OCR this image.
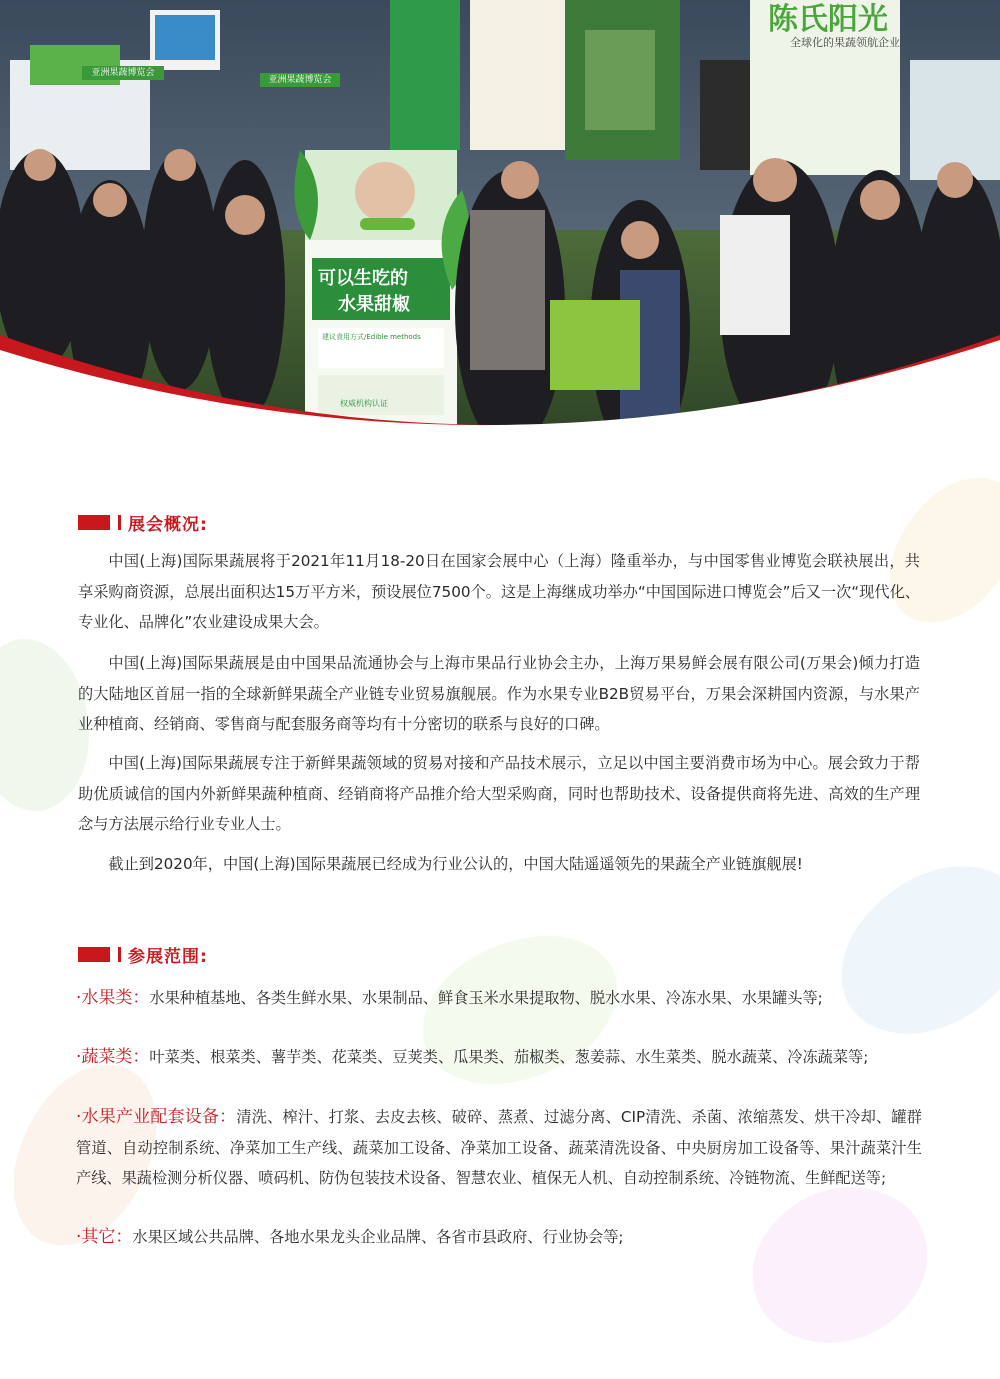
亚洲果蔬博览会
亚洲果蔬博览会
陈氏阳光
全球化的果蔬领航企业
可以生吃的
水果甜椒
建议食用方式/Edible methods
权威机构认证
展会概况:

中国(上海)国际果蔬展将于2021年11月18-20日在国家会展中心（上海）隆重举办，与中国零售业博览会联袂展出，共享采购商资源，总展出面积达15万平方米，预设展位7500个。这是上海继成功举办“中国国际进口博览会”后又一次“现代化、专业化、品牌化”农业建设成果大会。

中国(上海)国际果蔬展是由中国果品流通协会与上海市果品行业协会主办，上海万果易鲜会展有限公司(万果会)倾力打造的大陆地区首屈一指的全球新鲜果蔬全产业链专业贸易旗舰展。作为水果专业B2B贸易平台，万果会深耕国内资源，与水果产业种植商、经销商、零售商与配套服务商等均有十分密切的联系与良好的口碑。

中国(上海)国际果蔬展专注于新鲜果蔬领域的贸易对接和产品技术展示，立足以中国主要消费市场为中心。展会致力于帮助优质诚信的国内外新鲜果蔬种植商、经销商将产品推介给大型采购商，同时也帮助技术、设备提供商将先进、高效的生产理念与方法展示给行业专业人士。

截止到2020年，中国(上海)国际果蔬展已经成为行业公认的，中国大陆遥遥领先的果蔬全产业链旗舰展!

参展范围:
·水果类：水果种植基地、各类生鲜水果、水果制品、鲜食玉米水果提取物、脱水水果、冷冻水果、水果罐头等;
·蔬菜类：叶菜类、根菜类、薯芋类、花菜类、豆荚类、瓜果类、茄椒类、葱姜蒜、水生菜类、脱水蔬菜、冷冻蔬菜等;
·水果产业配套设备：清洗、榨汁、打浆、去皮去核、破碎、蒸煮、过滤分离、CIP清洗、杀菌、浓缩蒸发、烘干冷却、罐群管道、自动控制系统、净菜加工生产线、蔬菜加工设备、净菜加工设备、蔬菜清洗设备、中央厨房加工设备等、果汁蔬菜汁生产线、果蔬检测分析仪器、喷码机、防伪包装技术设备、智慧农业、植保无人机、自动控制系统、冷链物流、生鲜配送等;
·其它：水果区域公共品牌、各地水果龙头企业品牌、各省市县政府、行业协会等;
